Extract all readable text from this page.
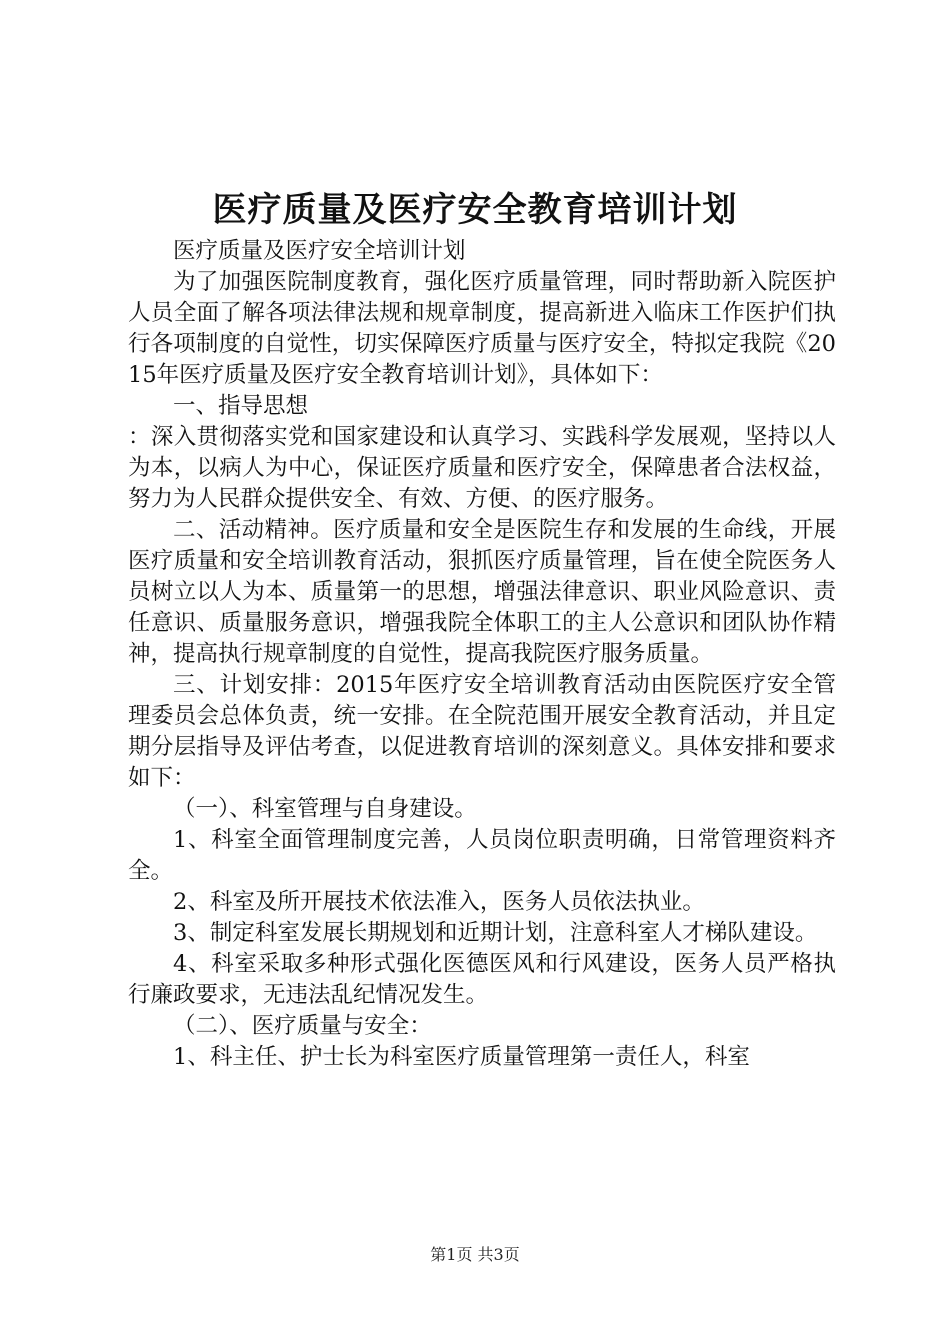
医疗质量及医疗安全教育培训计划

医疗质量及医疗安全培训计划

为了加强医院制度教育，强化医疗质量管理，同时帮助新入院医护人员全面了解各项法律法规和规章制度，提高新进入临床工作医护们执行各项制度的自觉性，切实保障医疗质量与医疗安全，特拟定我院《2015年医疗质量及医疗安全教育培训计划》，具体如下：

一、指导思想

：深入贯彻落实党和国家建设和认真学习、实践科学发展观，坚持以人为本，以病人为中心，保证医疗质量和医疗安全，保障患者合法权益，努力为人民群众提供安全、有效、方便、的医疗服务。

二、活动精神。医疗质量和安全是医院生存和发展的生命线，开展医疗质量和安全培训教育活动，狠抓医疗质量管理，旨在使全院医务人员树立以人为本、质量第一的思想，增强法律意识、职业风险意识、责任意识、质量服务意识，增强我院全体职工的主人公意识和团队协作精神，提高执行规章制度的自觉性，提高我院医疗服务质量。

三、计划安排：2015年医疗安全培训教育活动由医院医疗安全管理委员会总体负责，统一安排。在全院范围开展安全教育活动，并且定期分层指导及评估考查，以促进教育培训的深刻意义。具体安排和要求如下：

（一）、科室管理与自身建设。

1、科室全面管理制度完善，人员岗位职责明确，日常管理资料齐全。

2、科室及所开展技术依法准入，医务人员依法执业。

3、制定科室发展长期规划和近期计划，注意科室人才梯队建设。

4、科室采取多种形式强化医德医风和行风建设，医务人员严格执行廉政要求，无违法乱纪情况发生。

（二）、医疗质量与安全：

1、科主任、护士长为科室医疗质量管理第一责任人，科室

第1页 共3页
